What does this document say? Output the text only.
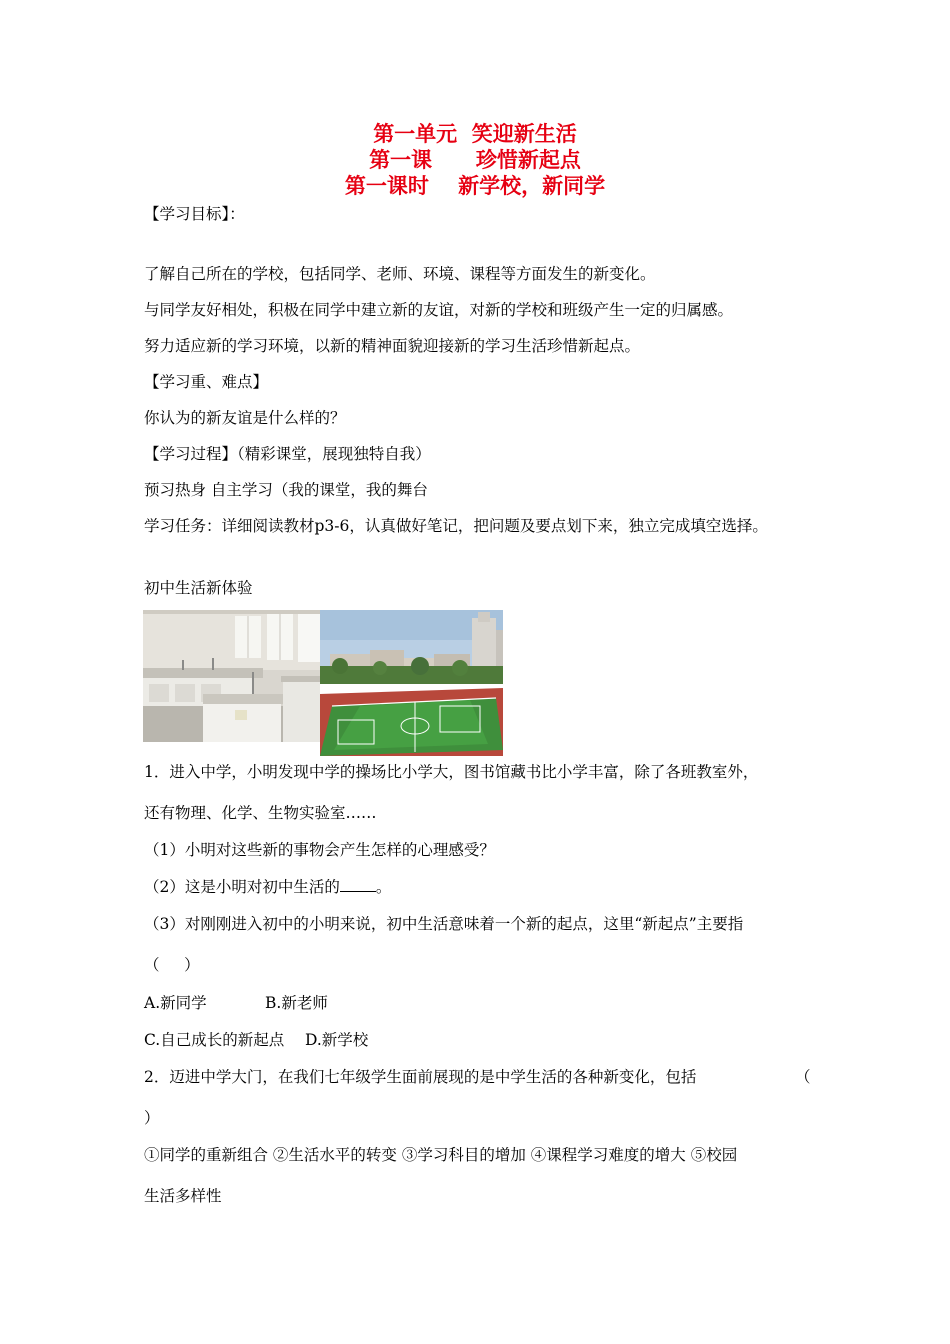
第一单元  笑迎新生活
第一课      珍惜新起点
第一课时    新学校，新同学
【学习目标】：
了解自己所在的学校，包括同学、老师、环境、课程等方面发生的新变化。
与同学友好相处，积极在同学中建立新的友谊，对新的学校和班级产生一定的归属感。
努力适应新的学习环境，以新的精神面貌迎接新的学习生活珍惜新起点。
【学习重、难点】
你认为的新友谊是什么样的？
【学习过程】（精彩课堂，展现独特自我）
预习热身 自主学习（我的课堂，我的舞台
学习任务：详细阅读教材p3-6，认真做好笔记，把问题及要点划下来，独立完成填空选择。
初中生活新体验
1．进入中学，小明发现中学的操场比小学大，图书馆藏书比小学丰富，除了各班教室外，
还有物理、化学、生物实验室……
（1）小明对这些新的事物会产生怎样的心理感受？
（2）这是小明对初中生活的 。
（3）对刚刚进入初中的小明来说，初中生活意味着一个新的起点，这里“新起点”主要指
（     ）
A.新同学	B.新老师
C.自己成长的新起点 D.新学校
2．迈进中学大门，在我们七年级学生面前展现的是中学生活的各种新变化，包括	（
）
①同学的重新组合 ②生活水平的转变 ③学习科目的增加 ④课程学习难度的增大 ⑤校园
生活多样性
